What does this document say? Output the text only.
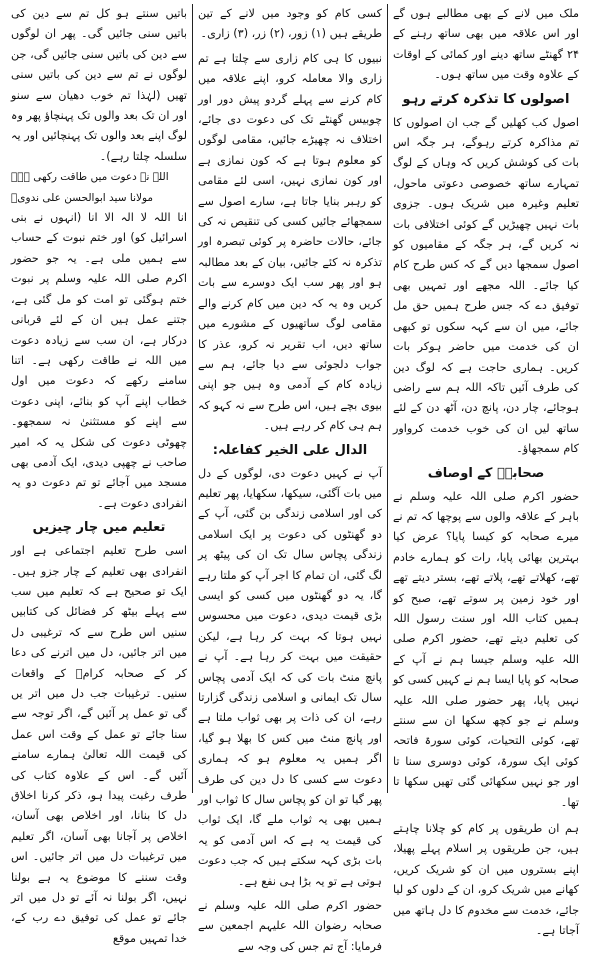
ملک میں لانے کے بھی مطالبے ہوں گے اور اس علاقہ میں بھی ساتھ رہنے کے ۲۴ گھنٹے ساتھ دینے اور کمائی کے اوقات کے علاوہ وقت میں ساتھ ہوں۔

اصولوں کا تذکرہ کرتے رہو

اصول کب کھلیں گے جب ان اصولوں کا تم مذاکرہ کرتے رہوگے، ہر جگہ اس بات کی کوشش کریں کہ وہاں کے لوگ تمہارے ساتھ خصوصی دعوتی ماحول، تعلیم وغیرہ میں شریک ہوں۔ جزوی بات نہیں چھیڑیں گے کوئی اختلافی بات نہ کریں گے، ہر جگہ کے مقامیوں کو اصول سمجھا دیں گے کہ کس طرح کام کیا جائے۔ اللہ مجھے اور تمہیں بھی توفیق دے کہ جس طرح ہمیں حق مل جائے، میں ان سے کہہ سکوں تو کبھی ان کی خدمت میں حاضر ہوکر بات کریں۔ ہماری حاجت ہے کہ لوگ دین کی طرف آئیں تاکہ اللہ ہم سے راضی ہوجائے، چار دن، پانچ دن، آٹھ دن کے لئے ساتھ لیں ان کی خوب خدمت کرواور کام سمجھاؤ۔

صحابہؓ کے اوصاف

حضور اکرم صلی اللہ علیہ وسلم نے باہر کے علاقہ والوں سے پوچھا کہ تم نے میرے صحابہ کو کیسا پایا؟ عرض کیا بہترین بھائی پایا، رات کو ہمارے خادم تھے، کھلاتے تھے، پلاتے تھے، بستر دیتے تھے اور خود زمین پر سوتے تھے، صبح کو ہمیں کتاب اللہ اور سنت رسول اللہ کی تعلیم دیتے تھے، حضور اکرم صلی اللہ علیہ وسلم جیسا ہم نے آپ کے صحابہ کو پایا ایسا ہم نے کہیں کسی کو نہیں پایا، پھر حضور صلی اللہ علیہ وسلم نے جو کچھ سکھا ان سے سنتے تھے، کوئی التحیات، کوئی سورۃ فاتحہ کوئی ایک سورۃ، کوئی دوسری سنا تا اور جو نہیں سکھائی گئی تھیں سکھا تا تھا۔

ہم ان طریقوں پر کام کو چلانا چاہتے ہیں، جن طریقوں پر اسلام پہلے پھیلا، اپنے بستروں میں ان کو شریک کریں، کھانے میں شریک کرو، ان کے دلوں کو لیا جائے، خدمت سے مخدوم کا دل ہاتھ میں آجاتا ہے۔

کسی کام کو وجود میں لانے کے تین طریقے ہیں (۱) زور، (۲) زر، (۳) زاری۔

نبیوں کا ہی کام زاری سے چلتا ہے تم زاری والا معاملہ کرو، اپنے علاقہ میں کام کرنے سے پہلے گردو پیش دور اور چوبیس گھنٹے تک کی دعوت دی جائے، اختلاف نہ چھیڑے جائیں، مقامی لوگوں کو معلوم ہوتا ہے کہ کون نمازی ہے اور کون نمازی نہیں، اسی لئے مقامی کو رہبر بنایا جاتا ہے، سارے اصول سے سمجھائے جائیں کسی کی تنقیص نہ کی جائے، حالات حاضرہ پر کوئی تبصرہ اور تذکرہ نہ کئے جائیں، بیان کے بعد مطالبہ ہو اور پھر سب ایک دوسرے سے بات کریں وہ یہ کہ دین میں کام کرنے والے مقامی لوگ ساتھیوں کے مشورے میں ساتھ دیں، اب تقریر نہ کرو، عذر کا جواب دلجوئی سے دیا جائے، ہم سے زیادہ کام کے آدمی وہ ہیں جو اپنی بیوی بچے ہیں، اس طرح سے نہ کہو کہ ہم ہی کام کر رہے ہیں۔

الدال علی الخیر کفاعلہ:

آپ نے کہیں دعوت دی، لوگوں کے دل میں بات آگئی، سیکھا، سکھایا، پھر تعلیم کی اور اسلامی زندگی بن گئی، آپ کے دو گھنٹوں کی دعوت پر ایک اسلامی زندگی پچاس سال تک ان کی پیٹھ پر لگ گئی، ان تمام کا اجر آپ کو ملتا رہے گا، یہ دو گھنٹوں میں کسی کو ایسی بڑی قیمت دیدی، دعوت میں محسوس نہیں ہوتا کہ بہت کر رہا ہے، لیکن حقیقت میں بہت کر رہا ہے۔ آپ نے پانچ منٹ بات کی کہ ایک آدمی پچاس سال تک ایمانی و اسلامی زندگی گزارتا رہے، ان کی ذات پر بھی ثواب ملتا ہے اور پانچ منٹ میں کس کا بھلا ہو گیا، اگر ہمیں یہ معلوم ہو کہ ہماری دعوت سے کسی کا دل دین کی طرف پھر گیا تو ان کو پچاس سال کا ثواب اور ہمیں بھی یہ ثواب ملے گا، ایک ثواب کی قیمت یہ ہے کہ اس آدمی کو یہ بات بڑی کہہ سکتے ہیں کہ جب دعوت ہوتی ہے تو یہ بڑا ہی نفع ہے۔

حضور اکرم صلی اللہ علیہ وسلم نے صحابہ رضوان اللہ علیہم اجمعین سے فرمایا: آج تم جس کی وجہ سے

باتیں سنتے ہو کل تم سے دین کی باتیں سنی جائیں گی۔ پھر ان لوگوں سے دین کی باتیں سنی جائیں گی، جن لوگوں نے تم سے دین کی باتیں سنی تھیں (لہٰذا تم خوب دھیان سے سنو اور ان تک بعد والوں تک پہنچاؤ پھر وہ لوگ اپنے بعد والوں تک پہنچائیں اور یہ سلسلہ چلتا رہے)۔

اللہ نے دعوت میں طاقت رکھی ہے۔ مولانا سید ابوالحسن علی ندویؒ

انا اللہ لا الہ الا انا (انہوں نے بنی اسرائیل کو) اور ختم نبوت کے حساب سے ہمیں ملی ہے۔ یہ جو حضور اکرم صلی اللہ علیہ وسلم پر نبوت ختم ہوگئی تو امت کو مل گئی ہے، جتنے عمل ہیں ان کے لئے قربانی درکار ہے، ان سب سے زیادہ دعوت میں اللہ نے طاقت رکھی ہے۔ اتنا سامنے رکھے کہ دعوت میں اول خطاب اپنے آپ کو بنائے، اپنی دعوت سے اپنے کو مستثنیٰ نہ سمجھو۔ چھوٹی دعوت کی شکل یہ کہ امیر صاحب نے چھپی دیدی، ایک آدمی بھی مسجد میں آجائے تو تم دعوت دو یہ انفرادی دعوت ہے۔

تعلیم میں چار چیزیں

اسی طرح تعلیم اجتماعی ہے اور انفرادی بھی تعلیم کے چار جزو ہیں۔ ایک تو صحیح ہے کہ تعلیم میں سب سے پہلے بیٹھ کر فضائل کی کتابیں سنیں اس طرح سے کہ ترغیبی دل میں اتر جائیں، دل میں اترنے کی دعا کر کے صحابہ کرامؓ کے واقعات سنیں۔ ترغیبات جب دل میں اتر یں گی تو عمل پر آئیں گے، اگر توجہ سے سنا جائے تو عمل کے وقت اس عمل کی قیمت اللہ تعالیٰ ہمارے سامنے آئیں گے۔ اس کے علاوہ کتاب کی طرف رغبت پیدا ہو، ذکر کرنا اخلاق دل کا بنانا، اور اخلاص بھی آسان، اخلاص پر آجانا بھی آسان، اگر تعلیم میں ترغیبات دل میں اتر جائیں۔ اس وقت سننے کا موضوع یہ ہے بولنا نہیں، اگر بولنا نہ آئے تو دل میں اتر جائے تو عمل کی توفیق دے رب کے، خدا تمہیں موقع
